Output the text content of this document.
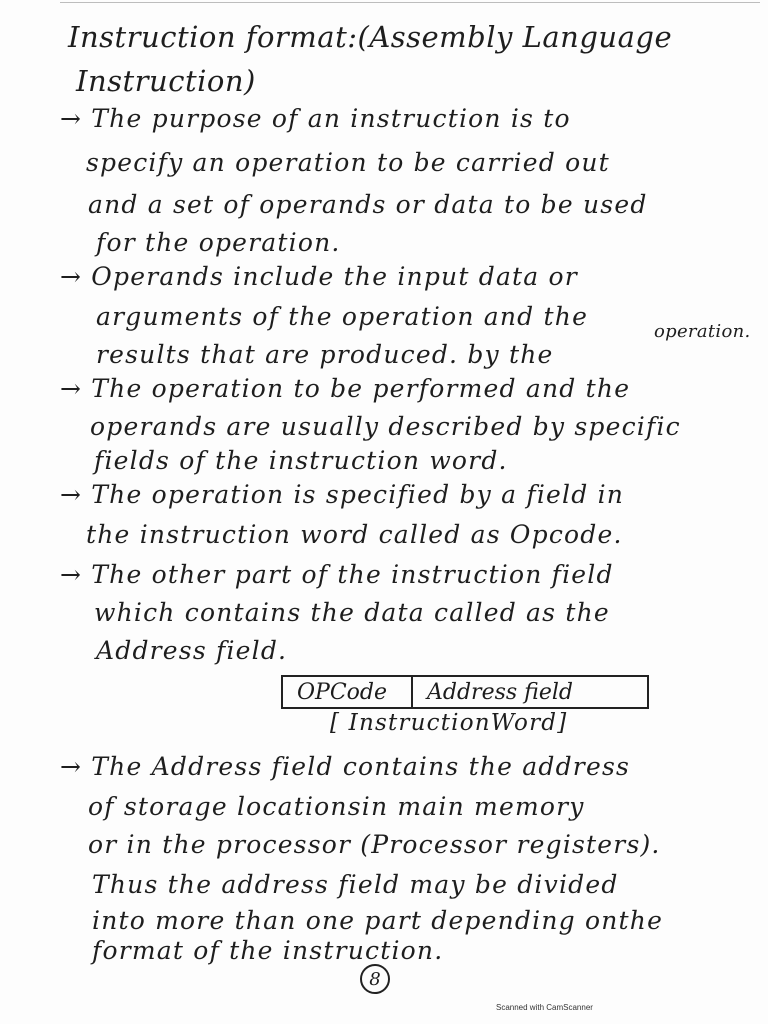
Instruction format:(Assembly Language
Instruction)
→ The purpose of an instruction is to
specify an operation to be carried out
and a set of operands or data to be used
for the operation.
→ Operands include the input data or
arguments of the operation and the
operation.
results that are produced. by the
→ The operation to be performed and the
operands are usually described by specific
fields of the instruction word.
→ The operation is specified by a field in
the instruction word called as Opcode.
→ The other part of the instruction field
which contains the data called as the
Address field.
OPCode	Address field
[ InstructionWord]
→ The Address field contains the address
of storage locationsin main memory
or in the processor (Processor registers).
Thus the address field may be divided
into more than one part depending onthe
format of the instruction.
8
Scanned with CamScanner
